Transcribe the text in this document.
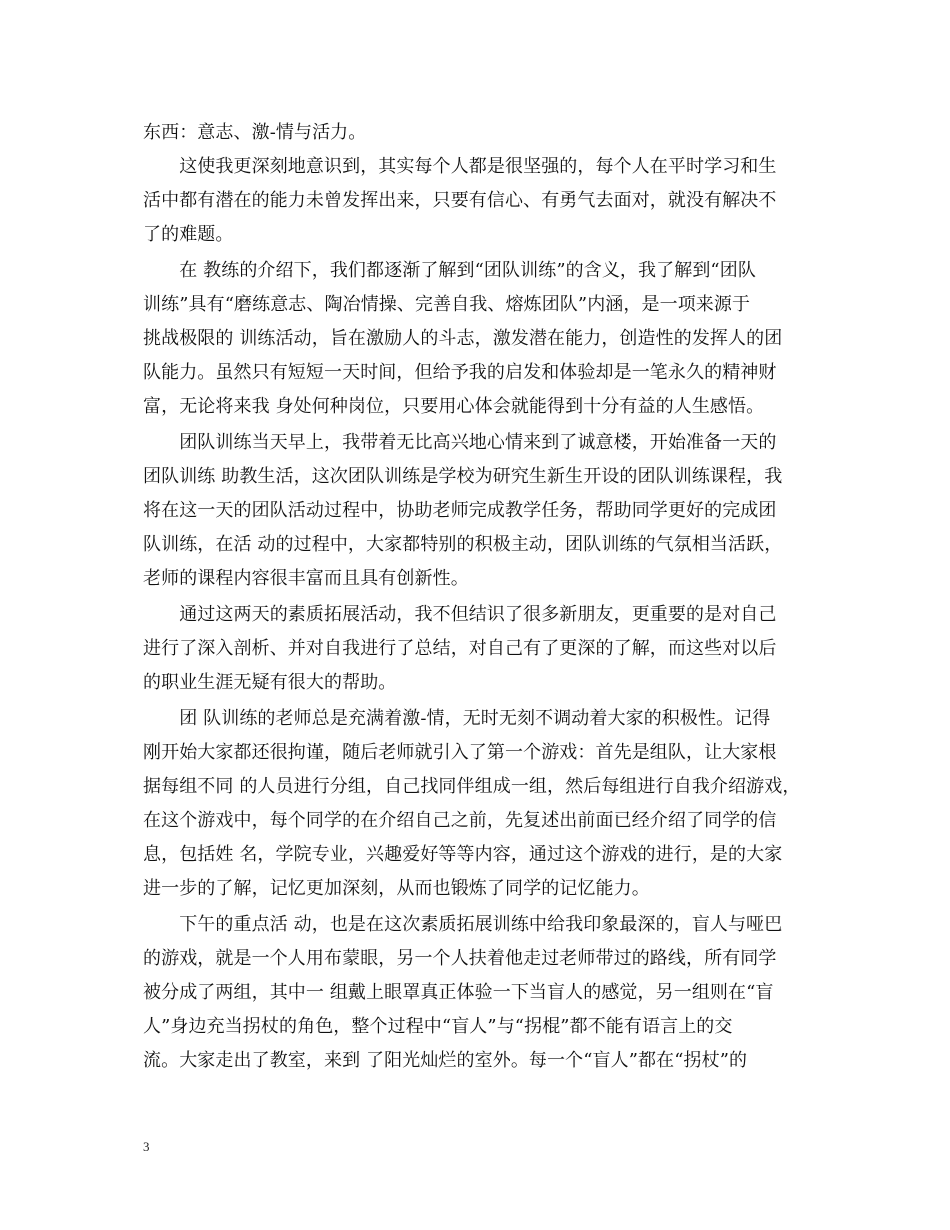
东西：意志、激-情与活力。
　　这使我更深刻地意识到，其实每个人都是很坚强的，每个人在平时学习和生
活中都有潜在的能力未曾发挥出来，只要有信心、有勇气去面对，就没有解决不
了的难题。
　　在 教练的介绍下，我们都逐渐了解到“团队训练”的含义，我了解到“团队
训练”具有“磨练意志、陶冶情操、完善自我、熔炼团队”内涵，是一项来源于
挑战极限的 训练活动，旨在激励人的斗志，激发潜在能力，创造性的发挥人的团
队能力。虽然只有短短一天时间，但给予我的启发和体验却是一笔永久的精神财
富，无论将来我 身处何种岗位，只要用心体会就能得到十分有益的人生感悟。
　　团队训练当天早上，我带着无比高兴地心情来到了诚意楼，开始准备一天的
团队训练 助教生活，这次团队训练是学校为研究生新生开设的团队训练课程，我
将在这一天的团队活动过程中，协助老师完成教学任务，帮助同学更好的完成团
队训练，在活 动的过程中，大家都特别的积极主动，团队训练的气氛相当活跃，
老师的课程内容很丰富而且具有创新性。
　　通过这两天的素质拓展活动，我不但结识了很多新朋友，更重要的是对自己
进行了深入剖析、并对自我进行了总结，对自己有了更深的了解，而这些对以后
的职业生涯无疑有很大的帮助。
　　团 队训练的老师总是充满着激-情，无时无刻不调动着大家的积极性。记得
刚开始大家都还很拘谨，随后老师就引入了第一个游戏：首先是组队，让大家根
据每组不同 的人员进行分组，自己找同伴组成一组，然后每组进行自我介绍游戏，
在这个游戏中，每个同学的在介绍自己之前，先复述出前面已经介绍了同学的信
息，包括姓 名，学院专业，兴趣爱好等等内容，通过这个游戏的进行，是的大家
进一步的了解，记忆更加深刻，从而也锻炼了同学的记忆能力。
　　下午的重点活 动，也是在这次素质拓展训练中给我印象最深的，盲人与哑巴
的游戏，就是一个人用布蒙眼，另一个人扶着他走过老师带过的路线，所有同学
被分成了两组，其中一 组戴上眼罩真正体验一下当盲人的感觉，另一组则在“盲
人”身边充当拐杖的角色，整个过程中“盲人”与“拐棍”都不能有语言上的交
流。大家走出了教室，来到 了阳光灿烂的室外。每一个“盲人”都在“拐杖”的
3
